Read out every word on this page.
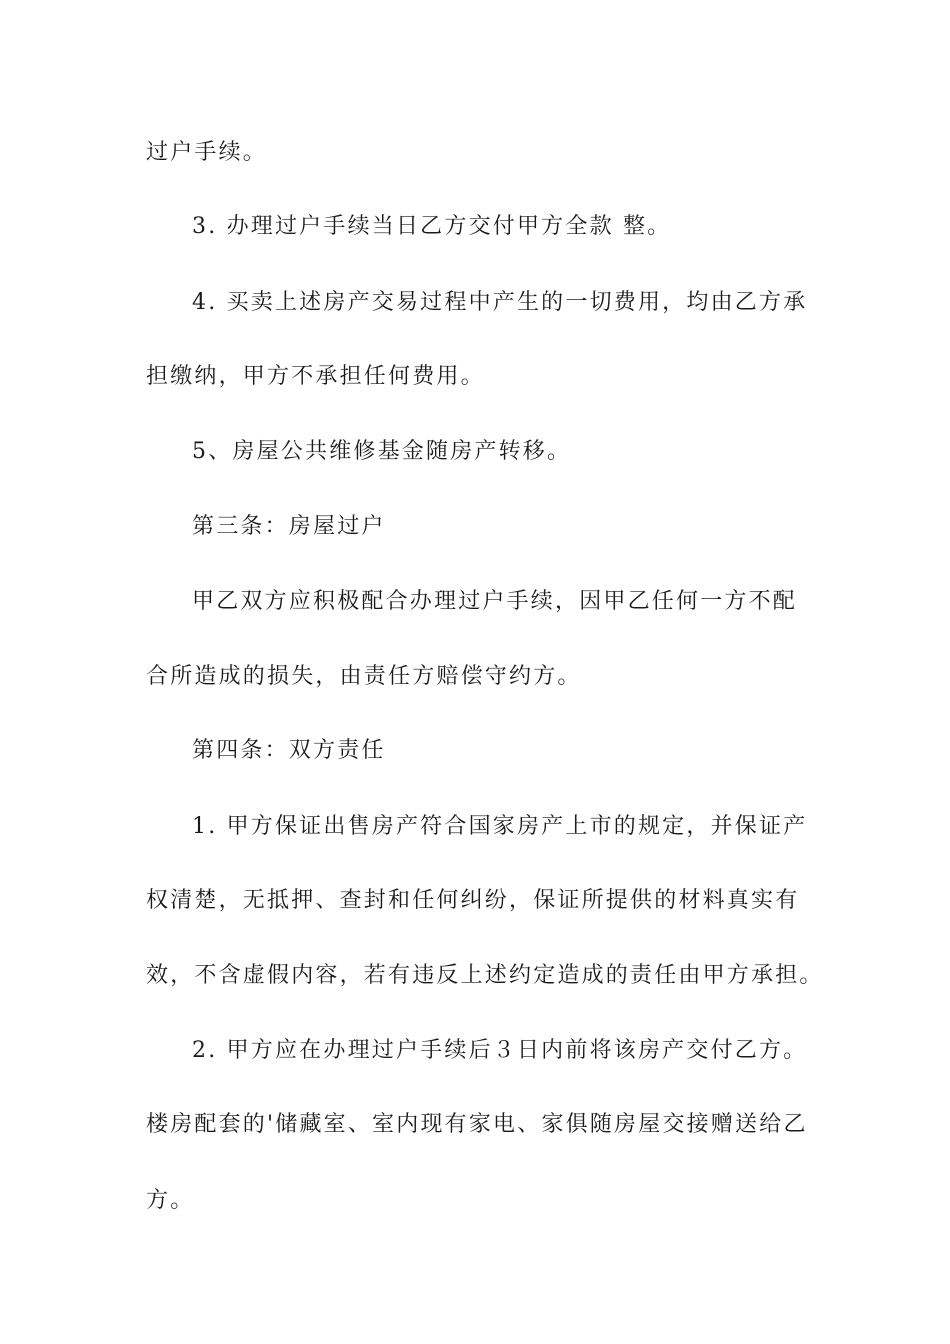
过户手续。
3. 办理过户手续当日乙方交付甲方全款 整。
4. 买卖上述房产交易过程中产生的一切费用，均由乙方承
担缴纳，甲方不承担任何费用。
5、房屋公共维修基金随房产转移。
第三条：房屋过户
甲乙双方应积极配合办理过户手续，因甲乙任何一方不配
合所造成的损失，由责任方赔偿守约方。
第四条：双方责任
1. 甲方保证出售房产符合国家房产上市的规定，并保证产
权清楚，无抵押、查封和任何纠纷，保证所提供的材料真实有
效，不含虚假内容，若有违反上述约定造成的责任由甲方承担。
2. 甲方应在办理过户手续后３日内前将该房产交付乙方。
楼房配套的'储藏室、室内现有家电、家俱随房屋交接赠送给乙
方。
